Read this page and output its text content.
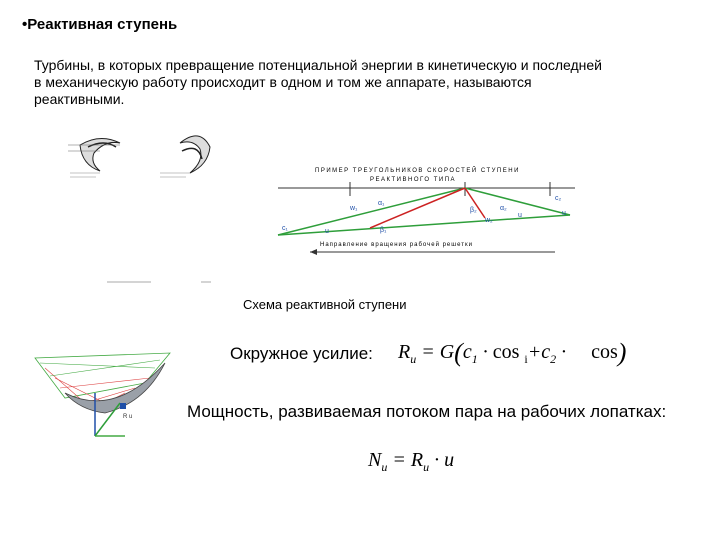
•Реактивная ступень
Турбины, в которых превращение потенциальной энергии в кинетическую и последней
в механическую работу происходит в одном и том же аппарате, называются
реактивными.
ПРИМЕР ТРЕУГОЛЬНИКОВ СКОРОСТЕЙ СТУПЕНИ
РЕАКТИВНОГО ТИПА
c₁
c₂
w₁
α₁
u	β₁
α₂
u
w₂
β₂	u
Направление вращения рабочей решетки
Схема реактивной ступени
R u
Окружное усилие: $R_u = G(c_1 \cdot \cos _i+c_2 \cdot \cos)$
Мощность, развиваемая потоком пара на рабочих лопатках:
$N_u = R_u \cdot u$
